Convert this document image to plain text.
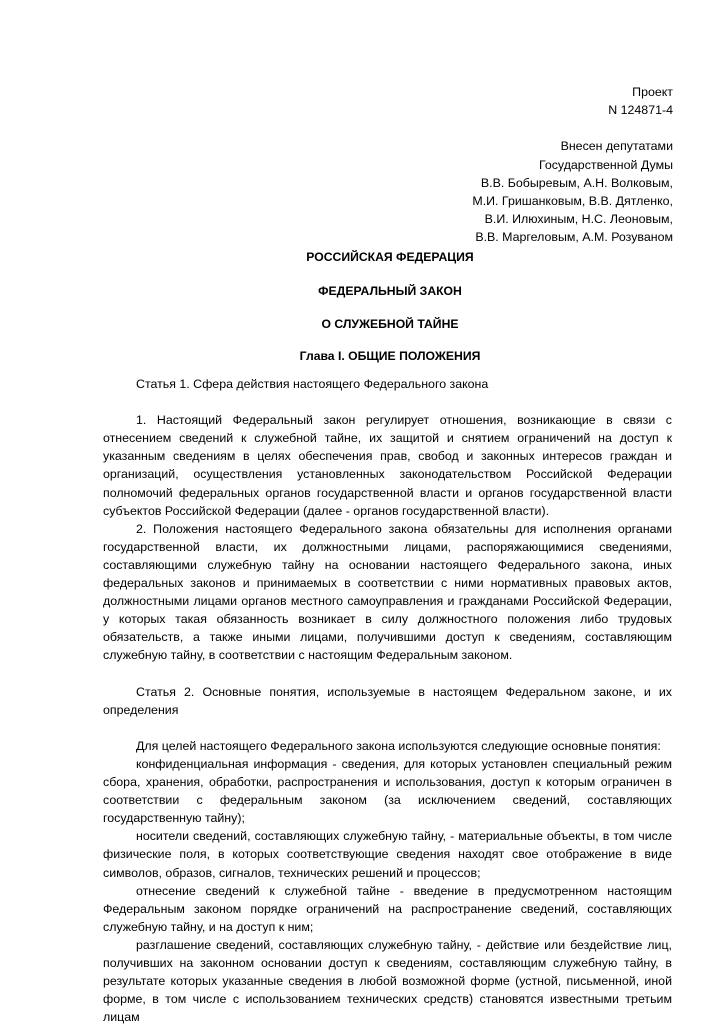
Проект
N 124871-4
Внесен депутатами
Государственной Думы
В.В. Бобыревым, А.Н. Волковым,
М.И. Гришанковым, В.В. Дятленко,
В.И. Илюхиным, Н.С. Леоновым,
В.В. Маргеловым, А.М. Розуваном
РОССИЙСКАЯ ФЕДЕРАЦИЯ
ФЕДЕРАЛЬНЫЙ ЗАКОН
О СЛУЖЕБНОЙ ТАЙНЕ
Глава I. ОБЩИЕ ПОЛОЖЕНИЯ

Статья 1. Сфера действия настоящего Федерального закона

1. Настоящий Федеральный закон регулирует отношения, возникающие в связи с отнесением сведений к служебной тайне, их защитой и снятием ограничений на доступ к указанным сведениям в целях обеспечения прав, свобод и законных интересов граждан и организаций, осуществления установленных законодательством Российской Федерации полномочий федеральных органов государственной власти и органов государственной власти субъектов Российской Федерации (далее - органов государственной власти).

2. Положения настоящего Федерального закона обязательны для исполнения органами государственной власти, их должностными лицами, распоряжающимися сведениями, составляющими служебную тайну на основании настоящего Федерального закона, иных федеральных законов и принимаемых в соответствии с ними нормативных правовых актов, должностными лицами органов местного самоуправления и гражданами Российской Федерации, у которых такая обязанность возникает в силу должностного положения либо трудовых обязательств, а также иными лицами, получившими доступ к сведениям, составляющим служебную тайну, в соответствии с настоящим Федеральным законом.

Статья 2. Основные понятия, используемые в настоящем Федеральном законе, и их определения

Для целей настоящего Федерального закона используются следующие основные понятия:

конфиденциальная информация - сведения, для которых установлен специальный режим сбора, хранения, обработки, распространения и использования, доступ к которым ограничен в соответствии с федеральным законом (за исключением сведений, составляющих государственную тайну);

носители сведений, составляющих служебную тайну, - материальные объекты, в том числе физические поля, в которых соответствующие сведения находят свое отображение в виде символов, образов, сигналов, технических решений и процессов;

отнесение сведений к служебной тайне - введение в предусмотренном настоящим Федеральным законом порядке ограничений на распространение сведений, составляющих служебную тайну, и на доступ к ним;

разглашение сведений, составляющих служебную тайну, - действие или бездействие лиц, получивших на законном основании доступ к сведениям, составляющим служебную тайну, в результате которых указанные сведения в любой возможной форме (устной, письменной, иной форме, в том числе с использованием технических средств) становятся известными третьим лицам
